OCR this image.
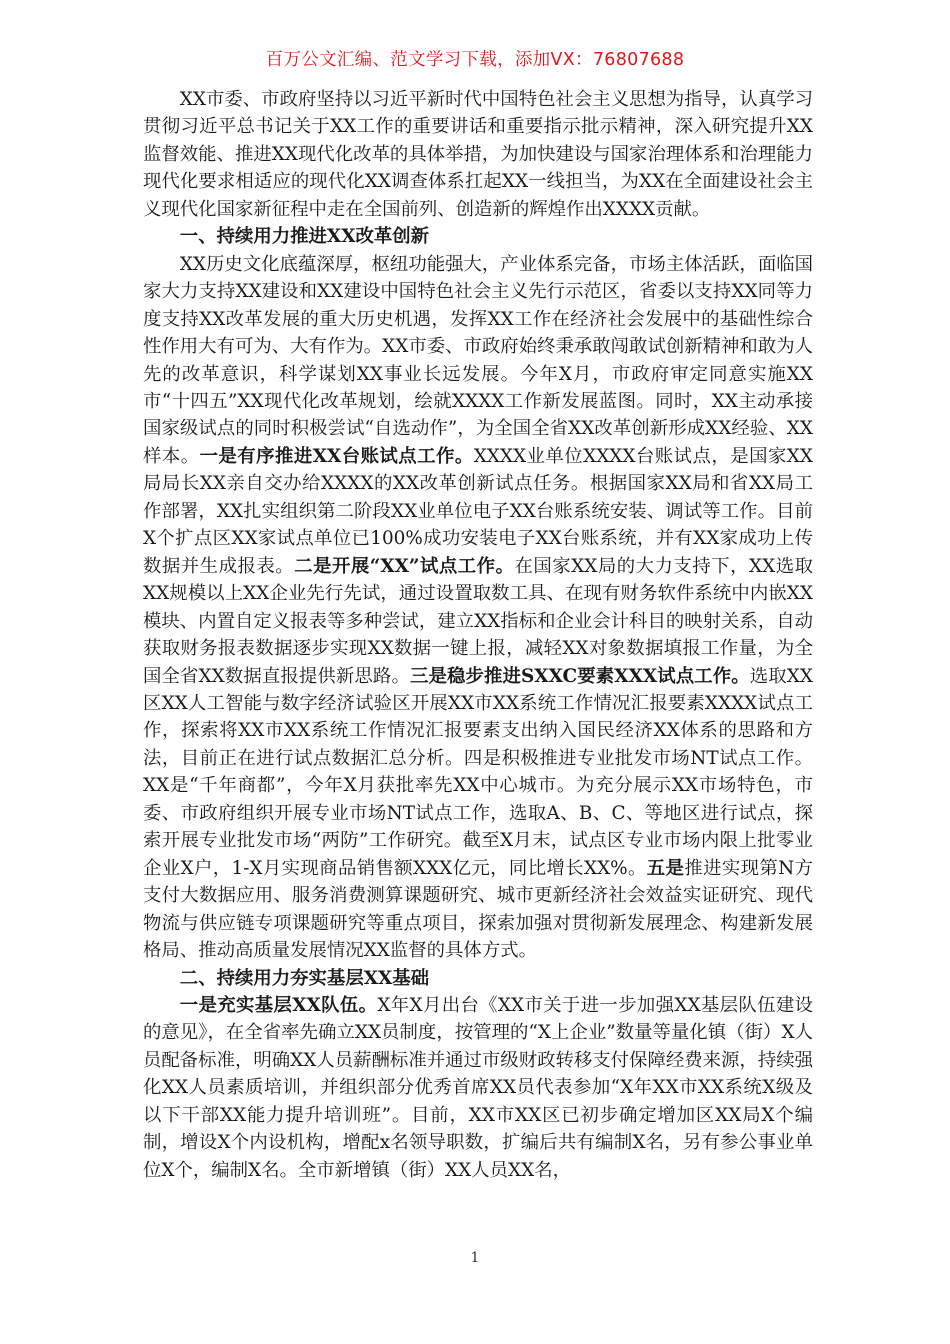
百万公文汇编、范文学习下载，添加VX：76807688

XX市委、市政府坚持以习近平新时代中国特色社会主义思想为指导，认真学习贯彻习近平总书记关于XX工作的重要讲话和重要指示批示精神，深入研究提升XX监督效能、推进XX现代化改革的具体举措，为加快建设与国家治理体系和治理能力现代化要求相适应的现代化XX调查体系扛起XX一线担当，为XX在全面建设社会主义现代化国家新征程中走在全国前列、创造新的辉煌作出XXXX贡献。

一、持续用力推进XX改革创新

XX历史文化底蕴深厚，枢纽功能强大，产业体系完备，市场主体活跃，面临国家大力支持XX建设和XX建设中国特色社会主义先行示范区，省委以支持XX同等力度支持XX改革发展的重大历史机遇，发挥XX工作在经济社会发展中的基础性综合性作用大有可为、大有作为。XX市委、市政府始终秉承敢闯敢试创新精神和敢为人先的改革意识，科学谋划XX事业长远发展。今年X月，市政府审定同意实施XX市“十四五”XX现代化改革规划，绘就XXXX工作新发展蓝图。同时，XX主动承接国家级试点的同时积极尝试“自选动作”，为全国全省XX改革创新形成XX经验、XX样本。一是有序推进XX台账试点工作。XXXX业单位XXXX台账试点，是国家XX局局长XX亲自交办给XXXX的XX改革创新试点任务。根据国家XX局和省XX局工作部署，XX扎实组织第二阶段XX业单位电子XX台账系统安装、调试等工作。目前X个扩点区XX家试点单位已100%成功安装电子XX台账系统，并有XX家成功上传数据并生成报表。二是开展“XX”试点工作。在国家XX局的大力支持下，XX选取XX规模以上XX企业先行先试，通过设置取数工具、在现有财务软件系统中内嵌XX模块、内置自定义报表等多种尝试，建立XX指标和企业会计科目的映射关系，自动获取财务报表数据逐步实现XX数据一键上报，减轻XX对象数据填报工作量，为全国全省XX数据直报提供新思路。三是稳步推进SXXC要素XXX试点工作。选取XX区XX人工智能与数字经济试验区开展XX市XX系统工作情况汇报要素XXXX试点工作，探索将XX市XX系统工作情况汇报要素支出纳入国民经济XX体系的思路和方法，目前正在进行试点数据汇总分析。四是积极推进专业批发市场NT试点工作。XX是“千年商都”，今年X月获批率先XX中心城市。为充分展示XX市场特色，市委、市政府组织开展专业市场NT试点工作，选取A、B、C、等地区进行试点，探索开展专业批发市场“两防”工作研究。截至X月末，试点区专业市场内限上批零业企业X户，1-X月实现商品销售额XXX亿元，同比增长XX%。五是推进实现第N方支付大数据应用、服务消费测算课题研究、城市更新经济社会效益实证研究、现代物流与供应链专项课题研究等重点项目，探索加强对贯彻新发展理念、构建新发展格局、推动高质量发展情况XX监督的具体方式。

二、持续用力夯实基层XX基础

一是充实基层XX队伍。X年X月出台《XX市关于进一步加强XX基层队伍建设的意见》，在全省率先确立XX员制度，按管理的“X上企业”数量等量化镇（街）X人员配备标准，明确XX人员薪酬标准并通过市级财政转移支付保障经费来源，持续强化XX人员素质培训，并组织部分优秀首席XX员代表参加“X年XX市XX系统X级及以下干部XX能力提升培训班”。目前，XX市XX区已初步确定增加区XX局X个编制，增设X个内设机构，增配x名领导职数，扩编后共有编制X名，另有参公事业单位X个，编制X名。全市新增镇（街）XX人员XX名，

1
